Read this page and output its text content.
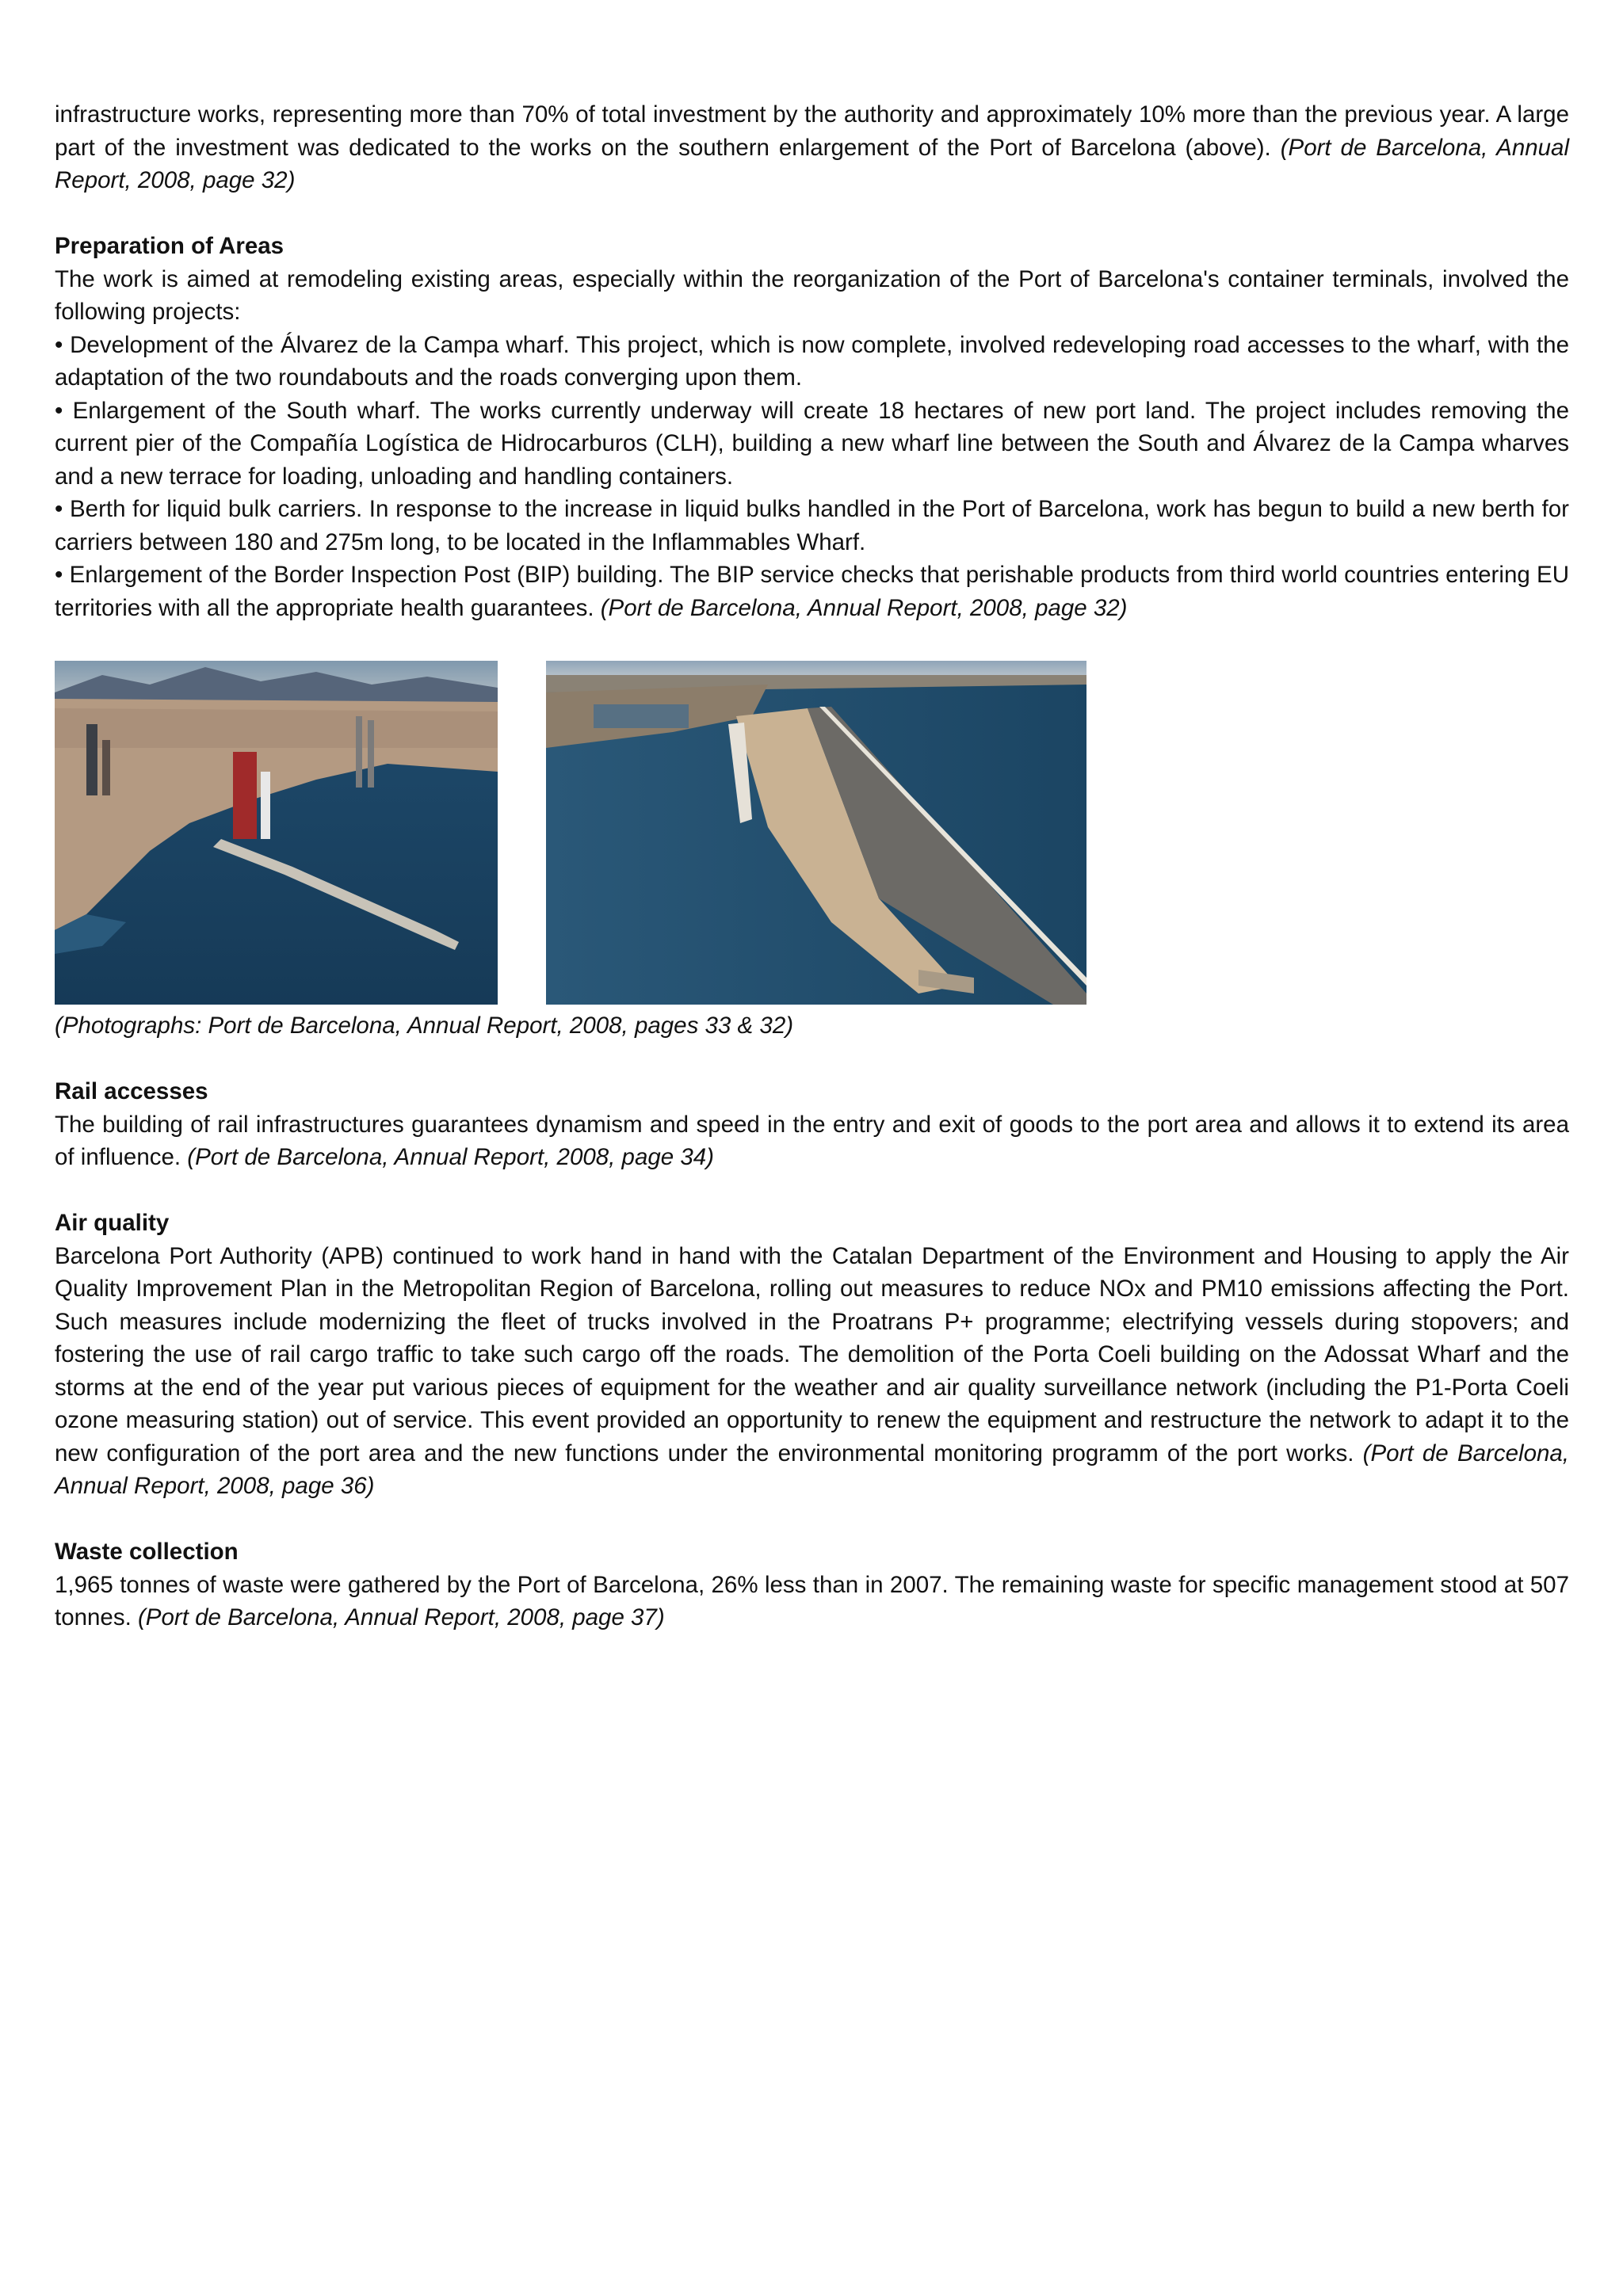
infrastructure works, representing more than 70% of total investment by the authority and approximately 10% more than the previous year. A large part of the investment was dedicated to the works on the southern enlargement of the Port of Barcelona (above). (Port de Barcelona, Annual Report, 2008, page 32)

Preparation of Areas

The work is aimed at remodeling existing areas, especially within the reorganization of the Port of Barcelona's container terminals, involved the following projects:

• Development of the Álvarez de la Campa wharf. This project, which is now complete, involved redeveloping road accesses to the wharf, with the adaptation of the two roundabouts and the roads converging upon them.

• Enlargement of the South wharf. The works currently underway will create 18 hectares of new port land. The project includes removing the current pier of the Compañía Logística de Hidrocarburos (CLH), building a new wharf line between the South and Álvarez de la Campa wharves and a new terrace for loading, unloading and handling containers.

• Berth for liquid bulk carriers. In response to the increase in liquid bulks handled in the Port of Barcelona, work has begun to build a new berth for carriers between 180 and 275m long, to be located in the Inflammables Wharf.

• Enlargement of the Border Inspection Post (BIP) building. The BIP service checks that perishable products from third world countries entering EU territories with all the appropriate health guarantees. (Port de Barcelona, Annual Report, 2008, page 32)

(Photographs: Port de Barcelona, Annual Report, 2008, pages 33 & 32)

Rail accesses

The building of rail infrastructures guarantees dynamism and speed in the entry and exit of goods to the port area and allows it to extend its area of influence. (Port de Barcelona, Annual Report, 2008, page 34)

Air quality

Barcelona Port Authority (APB) continued to work hand in hand with the Catalan Department of the Environment and Housing to apply the Air Quality Improvement Plan in the Metropolitan Region of Barcelona, rolling out measures to reduce NOx and PM10 emissions affecting the Port. Such measures include modernizing the fleet of trucks involved in the Proatrans P+ programme; electrifying vessels during stopovers; and fostering the use of rail cargo traffic to take such cargo off the roads. The demolition of the Porta Coeli building on the Adossat Wharf and the storms at the end of the year put various pieces of equipment for the weather and air quality surveillance network (including the P1-Porta Coeli ozone measuring station) out of service. This event provided an opportunity to renew the equipment and restructure the network to adapt it to the new configuration of the port area and the new functions under the environmental monitoring programm of the port works. (Port de Barcelona, Annual Report, 2008, page 36)

Waste collection

1,965 tonnes of waste were gathered by the Port of Barcelona, 26% less than in 2007. The remaining waste for specific management stood at 507 tonnes. (Port de Barcelona, Annual Report, 2008, page 37)
